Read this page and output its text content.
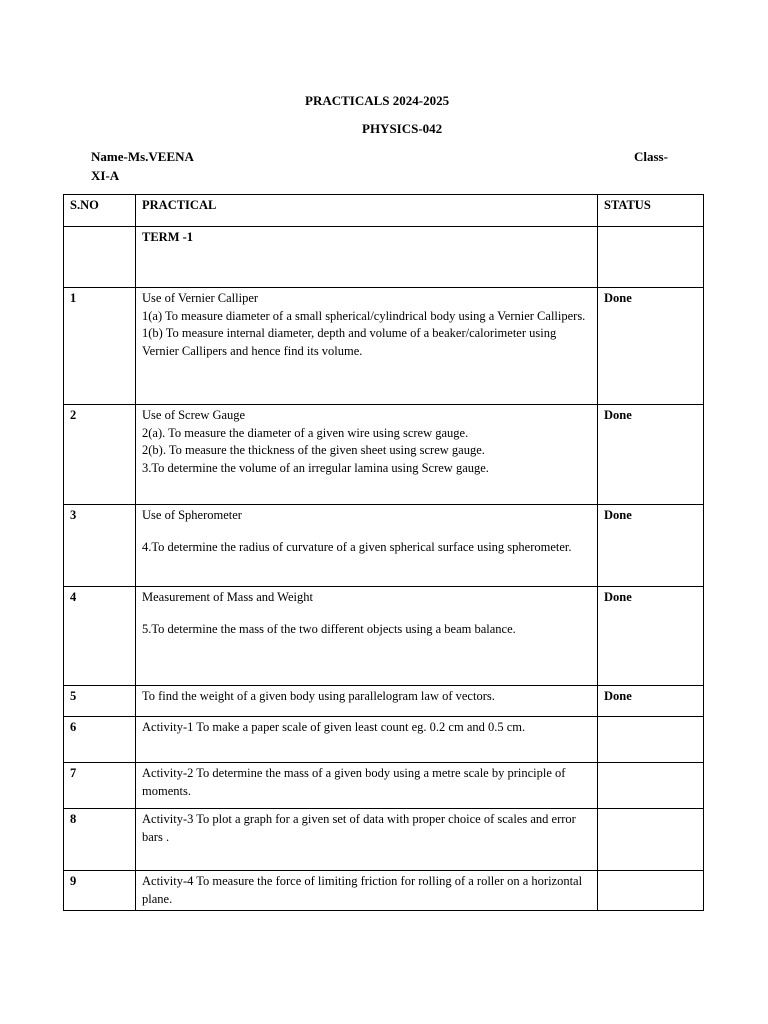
PRACTICALS 2024-2025
PHYSICS-042
Name-Ms.VEENA	Class-
XI-A
S.NO	PRACTICAL	STATUS
	TERM -1	
1	Use of Vernier Calliper
1(a) To measure diameter of a small spherical/cylindrical body using a Vernier Callipers.
1(b) To measure internal diameter, depth and volume of a beaker/calorimeter using Vernier Callipers and hence find its volume.	Done
2	Use of Screw Gauge
2(a). To measure the diameter of a given wire using screw gauge.
2(b). To measure the thickness of the given sheet using screw gauge.
3.To determine the volume of an irregular lamina using Screw gauge.	Done
3	Use of Spherometer
4.To determine the radius of curvature of a given spherical surface using spherometer.	Done
4	Measurement of Mass and Weight
5.To determine the mass of the two different objects using a beam balance.	Done
5	To find the weight of a given body using parallelogram law of vectors.	Done
6	Activity-1 To make a paper scale of given least count eg. 0.2 cm and 0.5 cm.	
7	Activity-2 To determine the mass of a given body using a metre scale by principle of moments.	
8	Activity-3 To plot a graph for a given set of data with proper choice of scales and error bars .	
9	Activity-4 To measure the force of limiting friction for rolling of a roller on a horizontal plane.	
